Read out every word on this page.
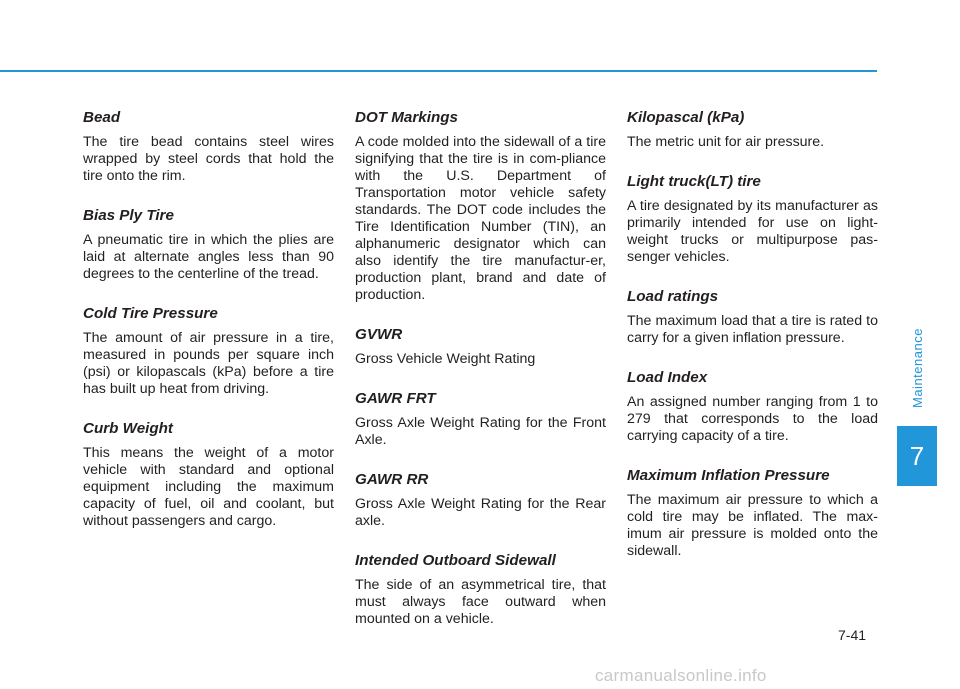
Maintenance
7
Bead

The tire bead contains steel wires wrapped by steel cords that hold the tire onto the rim.

Bias Ply Tire

A pneumatic tire in which the plies are laid at alternate angles less than 90 degrees to the centerline of the tread.

Cold Tire Pressure

The amount of air pressure in a tire, measured in pounds per square inch (psi) or kilopascals (kPa) before a tire has built up heat from driving.

Curb Weight

This means the weight of a motor vehicle with standard and optional equipment including the maximum capacity of fuel, oil and coolant, but without passengers and cargo.

DOT Markings

A code molded into the sidewall of a tire signifying that the tire is in com-pliance with the U.S. Department of Transportation motor vehicle safety standards. The DOT code includes the Tire Identification Number (TIN), an alphanumeric designator which can also identify the tire manufactur-er, production plant, brand and date of production.

GVWR

Gross Vehicle Weight Rating

GAWR FRT

Gross Axle Weight Rating for the Front Axle.

GAWR RR

Gross Axle Weight Rating for the Rear axle.

Intended Outboard Sidewall

The side of an asymmetrical tire, that must always face outward when mounted on a vehicle.

Kilopascal (kPa)

The metric unit for air pressure.

Light truck(LT) tire

A tire designated by its manufacturer as primarily intended for use on light-weight trucks or multipurpose pas-senger vehicles.

Load ratings

The maximum load that a tire is rated to carry for a given inflation pressure.

Load Index

An assigned number ranging from 1 to 279 that corresponds to the load carrying capacity of a tire.

Maximum Inflation Pressure

The maximum air pressure to which a cold tire may be inflated. The max-imum air pressure is molded onto the sidewall.

7-41
carmanualsonline.info
